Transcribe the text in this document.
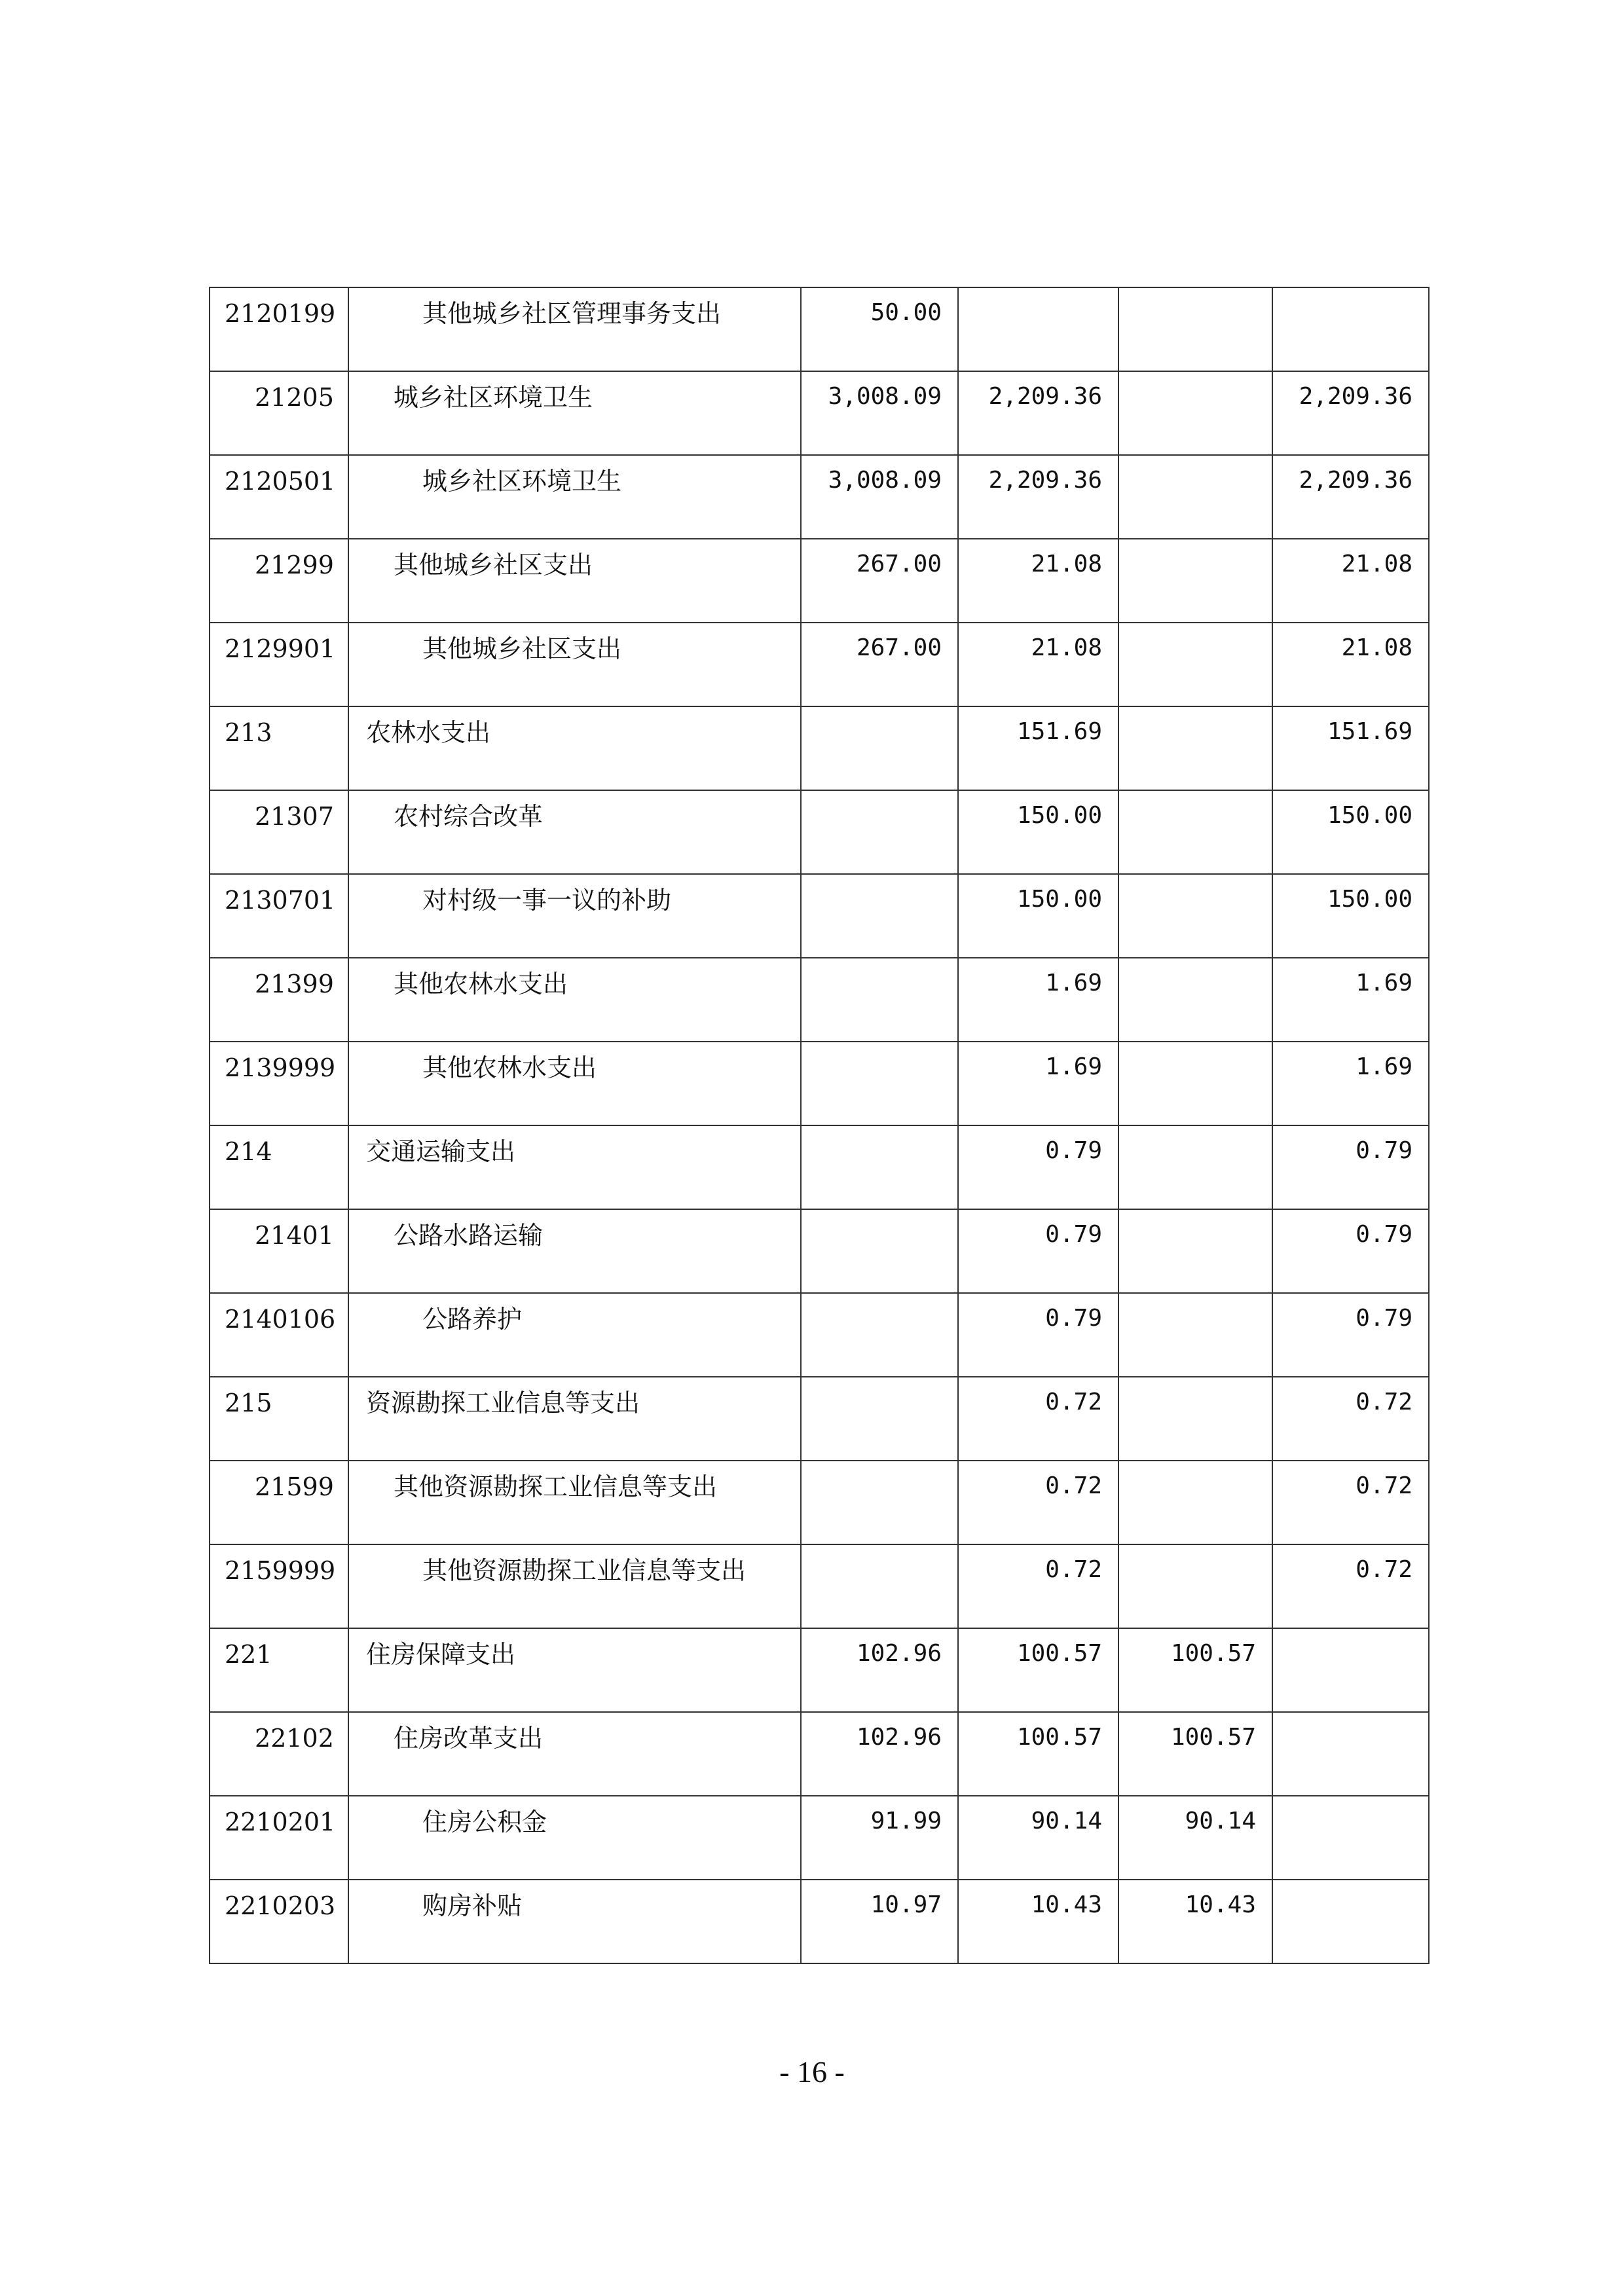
2120199	其他城乡社区管理事务支出	50.00			

21205	城乡社区环境卫生	3,008.09	2,209.36		2,209.36

2120501	城乡社区环境卫生	3,008.09	2,209.36		2,209.36

21299	其他城乡社区支出	267.00	21.08		21.08

2129901	其他城乡社区支出	267.00	21.08		21.08

213	农林水支出		151.69		151.69

21307	农村综合改革		150.00		150.00

2130701	对村级一事一议的补助		150.00		150.00

21399	其他农林水支出		1.69		1.69

2139999	其他农林水支出		1.69		1.69

214	交通运输支出		0.79		0.79

21401	公路水路运输		0.79		0.79

2140106	公路养护		0.79		0.79

215	资源勘探工业信息等支出		0.72		0.72

21599	其他资源勘探工业信息等支出		0.72		0.72

2159999	其他资源勘探工业信息等支出		0.72		0.72

221	住房保障支出	102.96	100.57	100.57	

22102	住房改革支出	102.96	100.57	100.57	

2210201	住房公积金	91.99	90.14	90.14	

2210203	购房补贴	10.97	10.43	10.43	

- 16 -
